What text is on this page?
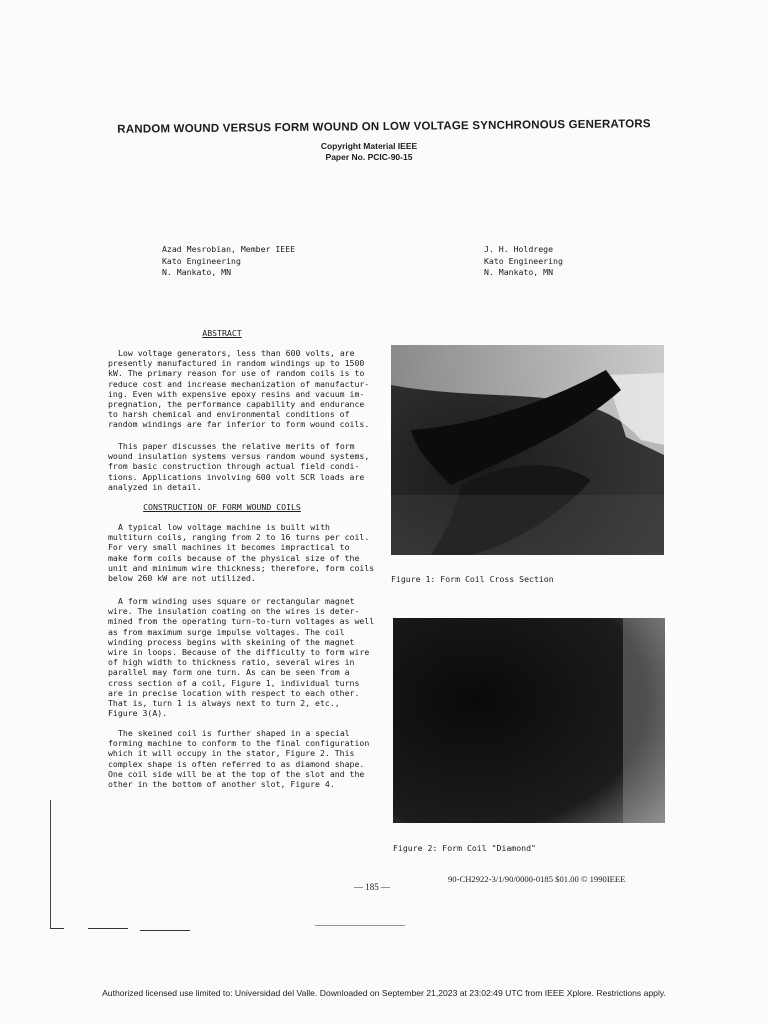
RANDOM WOUND VERSUS FORM WOUND ON LOW VOLTAGE SYNCHRONOUS GENERATORS
Copyright Material IEEE
Paper No. PCIC-90-15
Azad Mesrobian, Member IEEE
Kato Engineering
N. Mankato, MN
J. H. Holdrege
Kato Engineering
N. Mankato, MN
ABSTRACT
Low voltage generators, less than 600 volts, are
presently manufactured in random windings up to 1500
kW. The primary reason for use of random coils is to
reduce cost and increase mechanization of manufactur-
ing. Even with expensive epoxy resins and vacuum im-
pregnation, the performance capability and endurance
to harsh chemical and environmental conditions of
random windings are far inferior to form wound coils.
This paper discusses the relative merits of form
wound insulation systems versus random wound systems,
from basic construction through actual field condi-
tions. Applications involving 600 volt SCR loads are
analyzed in detail.
CONSTRUCTION OF FORM WOUND COILS
A typical low voltage machine is built with
multiturn coils, ranging from 2 to 16 turns per coil.
For very small machines it becomes impractical to
make form coils because of the physical size of the
unit and minimum wire thickness; therefore, form coils
below 260 kW are not utilized.
A form winding uses square or rectangular magnet
wire. The insulation coating on the wires is deter-
mined from the operating turn-to-turn voltages as well
as from maximum surge impulse voltages. The coil
winding process begins with skeining of the magnet
wire in loops. Because of the difficulty to form wire
of high width to thickness ratio, several wires in
parallel may form one turn. As can be seen from a
cross section of a coil, Figure 1, individual turns
are in precise location with respect to each other.
That is, turn 1 is always next to turn 2, etc.,
Figure 3(A).
The skeined coil is further shaped in a special
forming machine to conform to the final configuration
which it will occupy in the stator, Figure 2. This
complex shape is often referred to as diamond shape.
One coil side will be at the top of the slot and the
other in the bottom of another slot, Figure 4.
Figure 1: Form Coil Cross Section
Figure 2: Form Coil "Diamond"
90-CH2922-3/1/90/0000-0185 $01.00 © 1990IEEE
— 185 —
Authorized licensed use limited to: Universidad del Valle. Downloaded on September 21,2023 at 23:02:49 UTC from IEEE Xplore. Restrictions apply.
